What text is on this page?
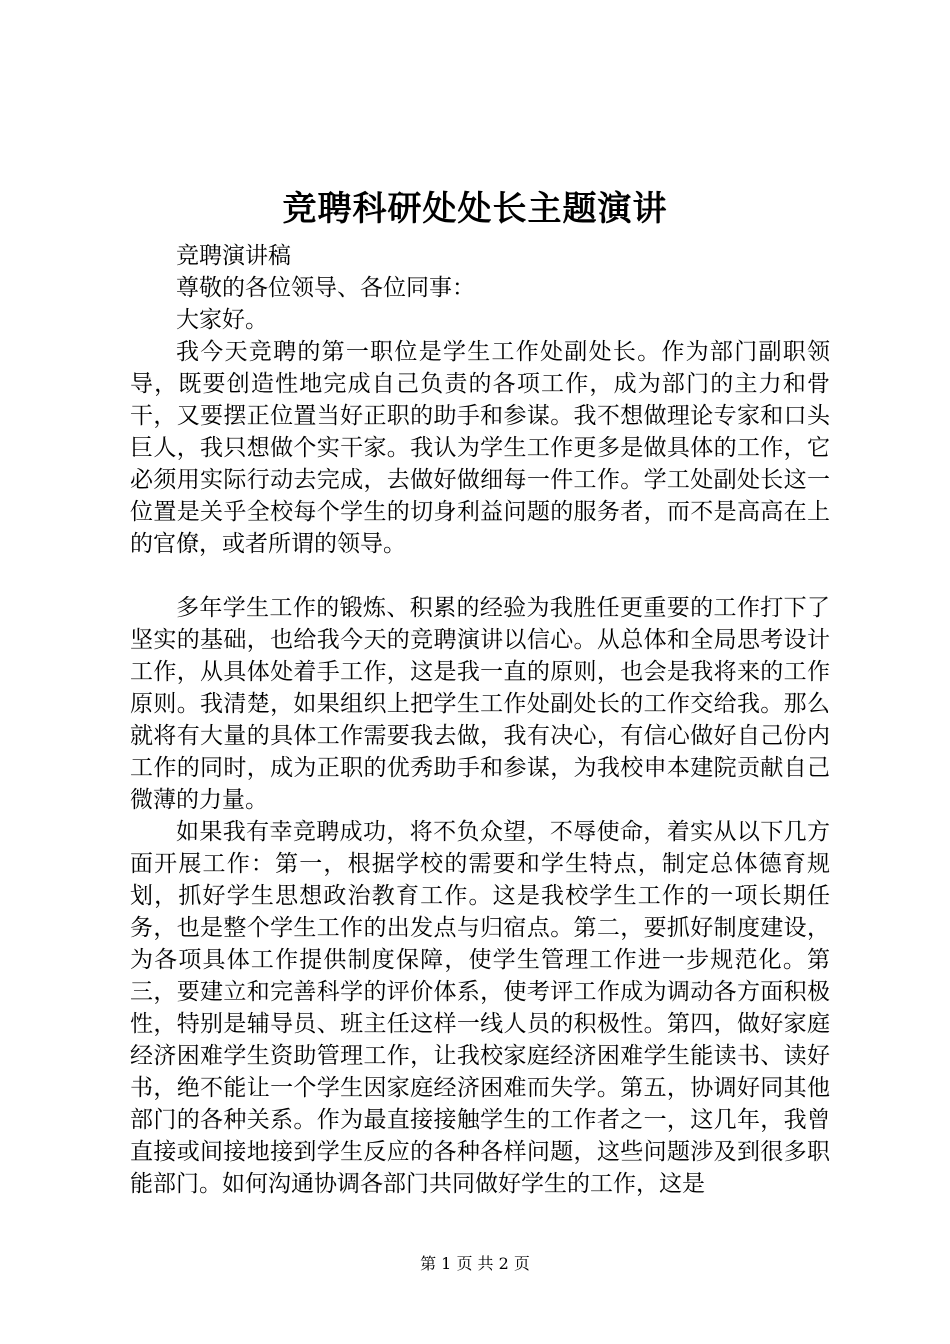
竞聘科研处处长主题演讲

竞聘演讲稿

尊敬的各位领导、各位同事：

大家好。

我今天竞聘的第一职位是学生工作处副处长。作为部门副职领导，既要创造性地完成自己负责的各项工作，成为部门的主力和骨干，又要摆正位置当好正职的助手和参谋。我不想做理论专家和口头巨人，我只想做个实干家。我认为学生工作更多是做具体的工作，它必须用实际行动去完成，去做好做细每一件工作。学工处副处长这一位置是关乎全校每个学生的切身利益问题的服务者，而不是高高在上的官僚，或者所谓的领导。

多年学生工作的锻炼、积累的经验为我胜任更重要的工作打下了坚实的基础，也给我今天的竞聘演讲以信心。从总体和全局思考设计工作，从具体处着手工作，这是我一直的原则，也会是我将来的工作原则。我清楚，如果组织上把学生工作处副处长的工作交给我。那么就将有大量的具体工作需要我去做，我有决心，有信心做好自己份内工作的同时，成为正职的优秀助手和参谋，为我校申本建院贡献自己微薄的力量。

如果我有幸竞聘成功，将不负众望，不辱使命，着实从以下几方面开展工作：第一，根据学校的需要和学生特点，制定总体德育规划，抓好学生思想政治教育工作。这是我校学生工作的一项长期任务，也是整个学生工作的出发点与归宿点。第二，要抓好制度建设，为各项具体工作提供制度保障，使学生管理工作进一步规范化。第三，要建立和完善科学的评价体系，使考评工作成为调动各方面积极性，特别是辅导员、班主任这样一线人员的积极性。第四，做好家庭经济困难学生资助管理工作，让我校家庭经济困难学生能读书、读好书，绝不能让一个学生因家庭经济困难而失学。第五，协调好同其他部门的各种关系。作为最直接接触学生的工作者之一，这几年，我曾直接或间接地接到学生反应的各种各样问题，这些问题涉及到很多职能部门。如何沟通协调各部门共同做好学生的工作，这是

第 1 页 共 2 页
